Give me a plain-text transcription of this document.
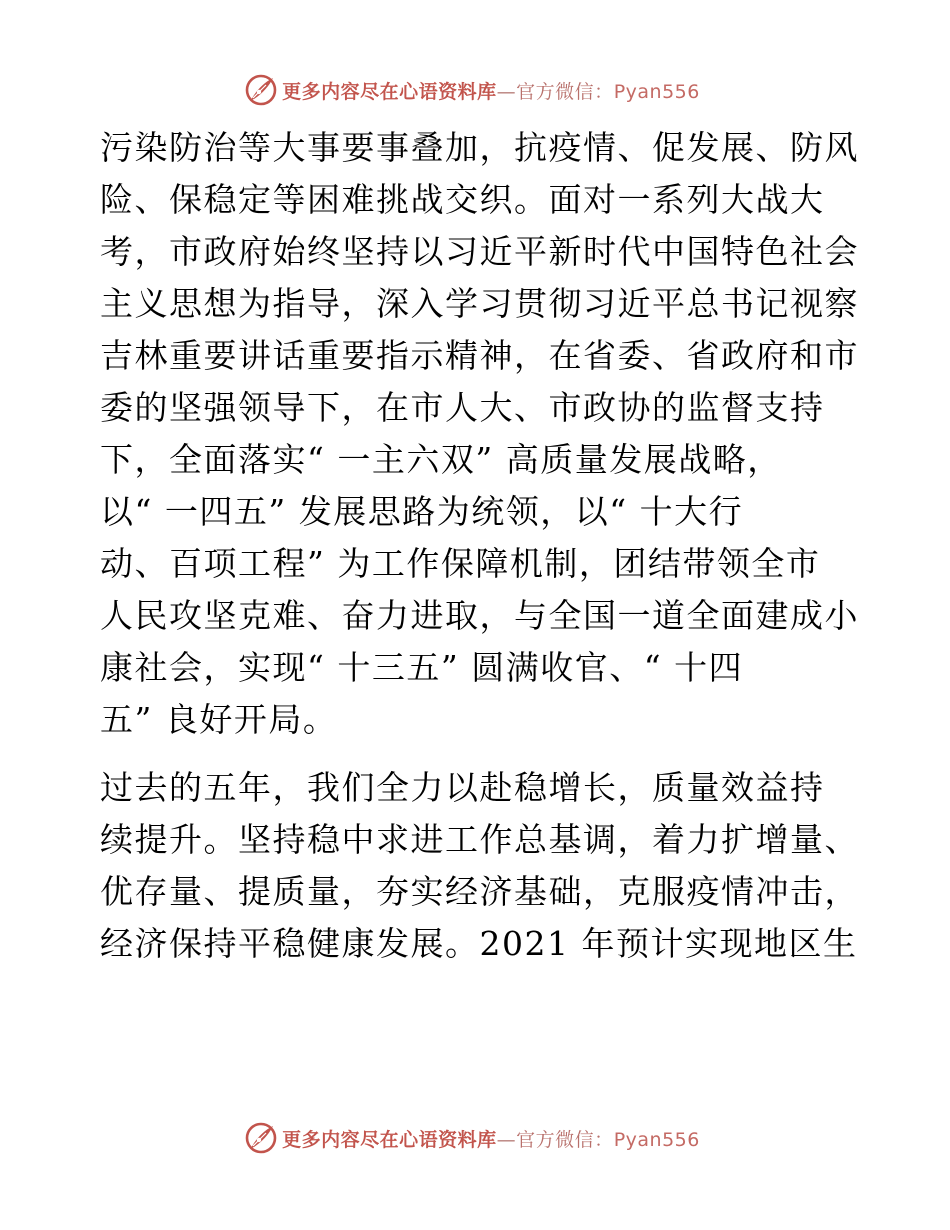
更多内容尽在心语资料库—官方微信：Pyan556
污染防治等大事要事叠加，抗疫情、促发展、防风
险、保稳定等困难挑战交织。面对一系列大战大
考，市政府始终坚持以习近平新时代中国特色社会
主义思想为指导，深入学习贯彻习近平总书记视察
吉林重要讲话重要指示精神，在省委、省政府和市
委的坚强领导下，在市人大、市政协的监督支持
下，全面落实“ 一主六双” 高质量发展战略，
以“ 一四五” 发展思路为统领，以“ 十大行
动、百项工程” 为工作保障机制，团结带领全市
人民攻坚克难、奋力进取，与全国一道全面建成小
康社会，实现“ 十三五” 圆满收官、“ 十四
五” 良好开局。
过去的五年，我们全力以赴稳增长，质量效益持
续提升。坚持稳中求进工作总基调，着力扩增量、
优存量、提质量，夯实经济基础，克服疫情冲击，
经济保持平稳健康发展。2021 年预计实现地区生
更多内容尽在心语资料库—官方微信：Pyan556
